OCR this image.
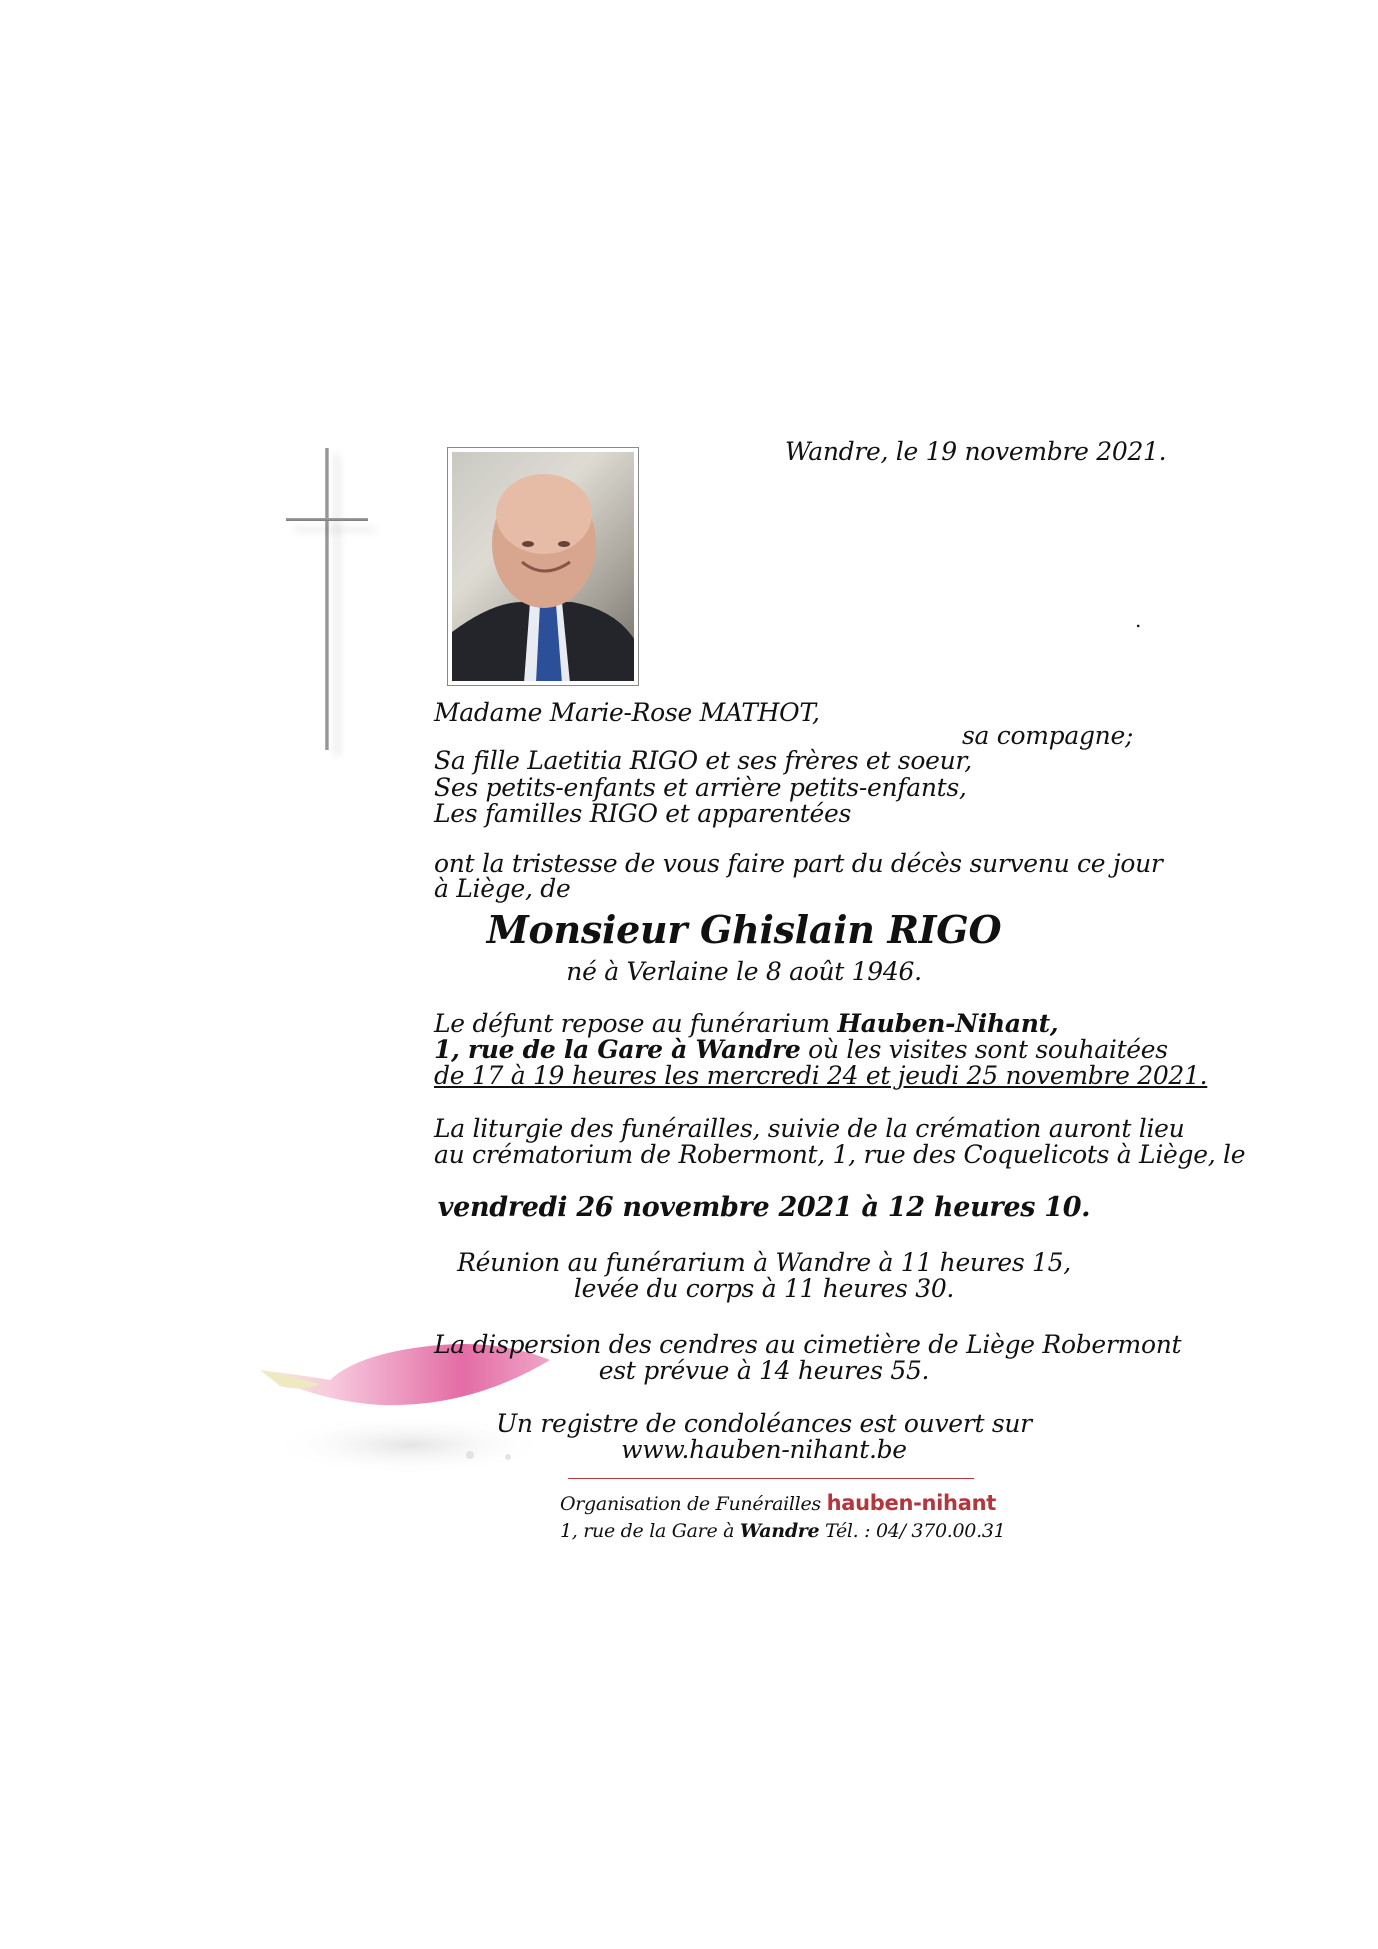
Wandre, le 19 novembre 2021.
.
Madame Marie-Rose MATHOT,
sa compagne;
Sa fille Laetitia RIGO et ses frères et soeur,
Ses petits-enfants et arrière petits-enfants,
Les familles RIGO et apparentées
ont la tristesse de vous faire part du décès survenu ce jour
à Liège, de
Monsieur Ghislain RIGO
né à Verlaine le 8 août 1946.
Le défunt repose au funérarium Hauben-Nihant,
1, rue de la Gare à Wandre où les visites sont souhaitées
de 17 à 19 heures les mercredi 24 et jeudi 25 novembre 2021.
La liturgie des funérailles, suivie de la crémation auront lieu
au crématorium de Robermont, 1, rue des Coquelicots à Liège, le
vendredi 26 novembre 2021 à 12 heures 10.
Réunion au funérarium à Wandre à 11 heures 15,
levée du corps à 11 heures 30.
La dispersion des cendres au cimetière de Liège Robermont
est prévue à 14 heures 55.
Un registre de condoléances est ouvert sur
www.hauben-nihant.be
Organisation de Funérailles hauben-nihant
1, rue de la Gare à Wandre Tél. : 04/ 370.00.31
